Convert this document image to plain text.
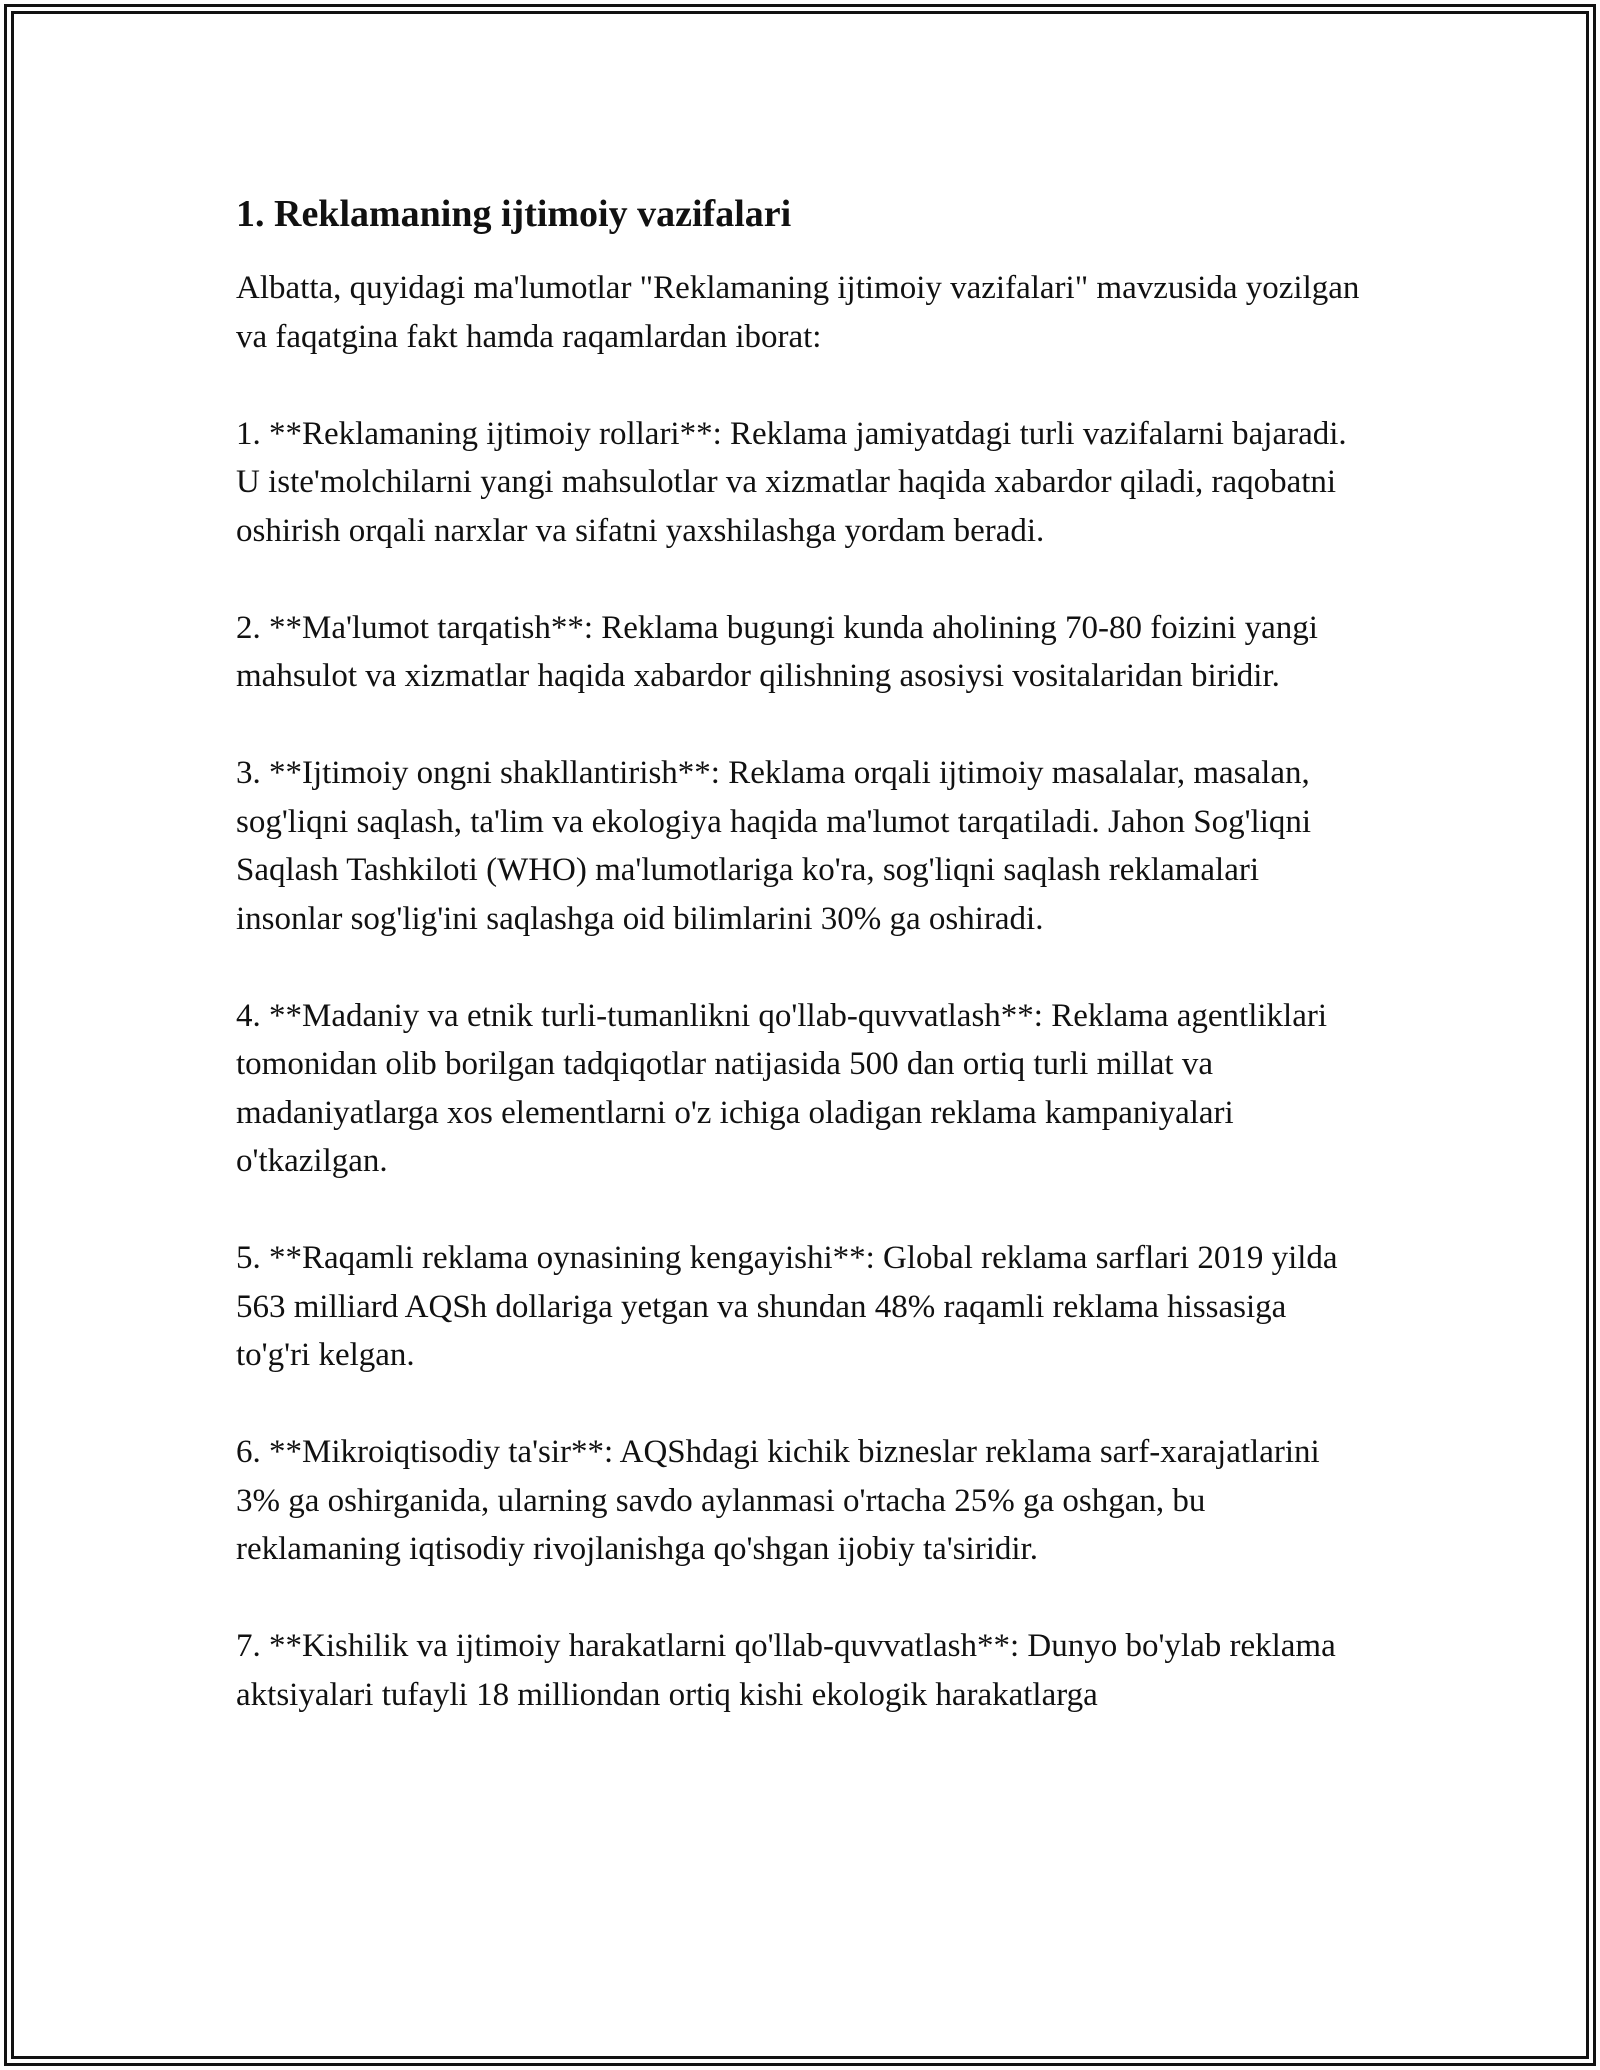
1. Reklamaning ijtimoiy vazifalari

Albatta, quyidagi ma'lumotlar "Reklamaning ijtimoiy vazifalari" mavzusida yozilgan va faqatgina fakt hamda raqamlardan iborat:

1. **Reklamaning ijtimoiy rollari**: Reklama jamiyatdagi turli vazifalarni bajaradi. U iste'molchilarni yangi mahsulotlar va xizmatlar haqida xabardor qiladi, raqobatni oshirish orqali narxlar va sifatni yaxshilashga yordam beradi.

2. **Ma'lumot tarqatish**: Reklama bugungi kunda aholining 70-80 foizini yangi mahsulot va xizmatlar haqida xabardor qilishning asosiysi vositalaridan biridir.

3. **Ijtimoiy ongni shakllantirish**: Reklama orqali ijtimoiy masalalar, masalan, sog'liqni saqlash, ta'lim va ekologiya haqida ma'lumot tarqatiladi. Jahon Sog'liqni Saqlash Tashkiloti (WHO) ma'lumotlariga ko'ra, sog'liqni saqlash reklamalari insonlar sog'lig'ini saqlashga oid bilimlarini 30% ga oshiradi.

4. **Madaniy va etnik turli-tumanlikni qo'llab-quvvatlash**: Reklama agentliklari tomonidan olib borilgan tadqiqotlar natijasida 500 dan ortiq turli millat va madaniyatlarga xos elementlarni o'z ichiga oladigan reklama kampaniyalari o'tkazilgan.

5. **Raqamli reklama oynasining kengayishi**: Global reklama sarflari 2019 yilda 563 milliard AQSh dollariga yetgan va shundan 48% raqamli reklama hissasiga to'g'ri kelgan.

6. **Mikroiqtisodiy ta'sir**: AQShdagi kichik bizneslar reklama sarf-xarajatlarini 3% ga oshirganida, ularning savdo aylanmasi o'rtacha 25% ga oshgan, bu reklamaning iqtisodiy rivojlanishga qo'shgan ijobiy ta'siridir.

7. **Kishilik va ijtimoiy harakatlarni qo'llab-quvvatlash**: Dunyo bo'ylab reklama aktsiyalari tufayli 18 milliondan ortiq kishi ekologik harakatlarga
